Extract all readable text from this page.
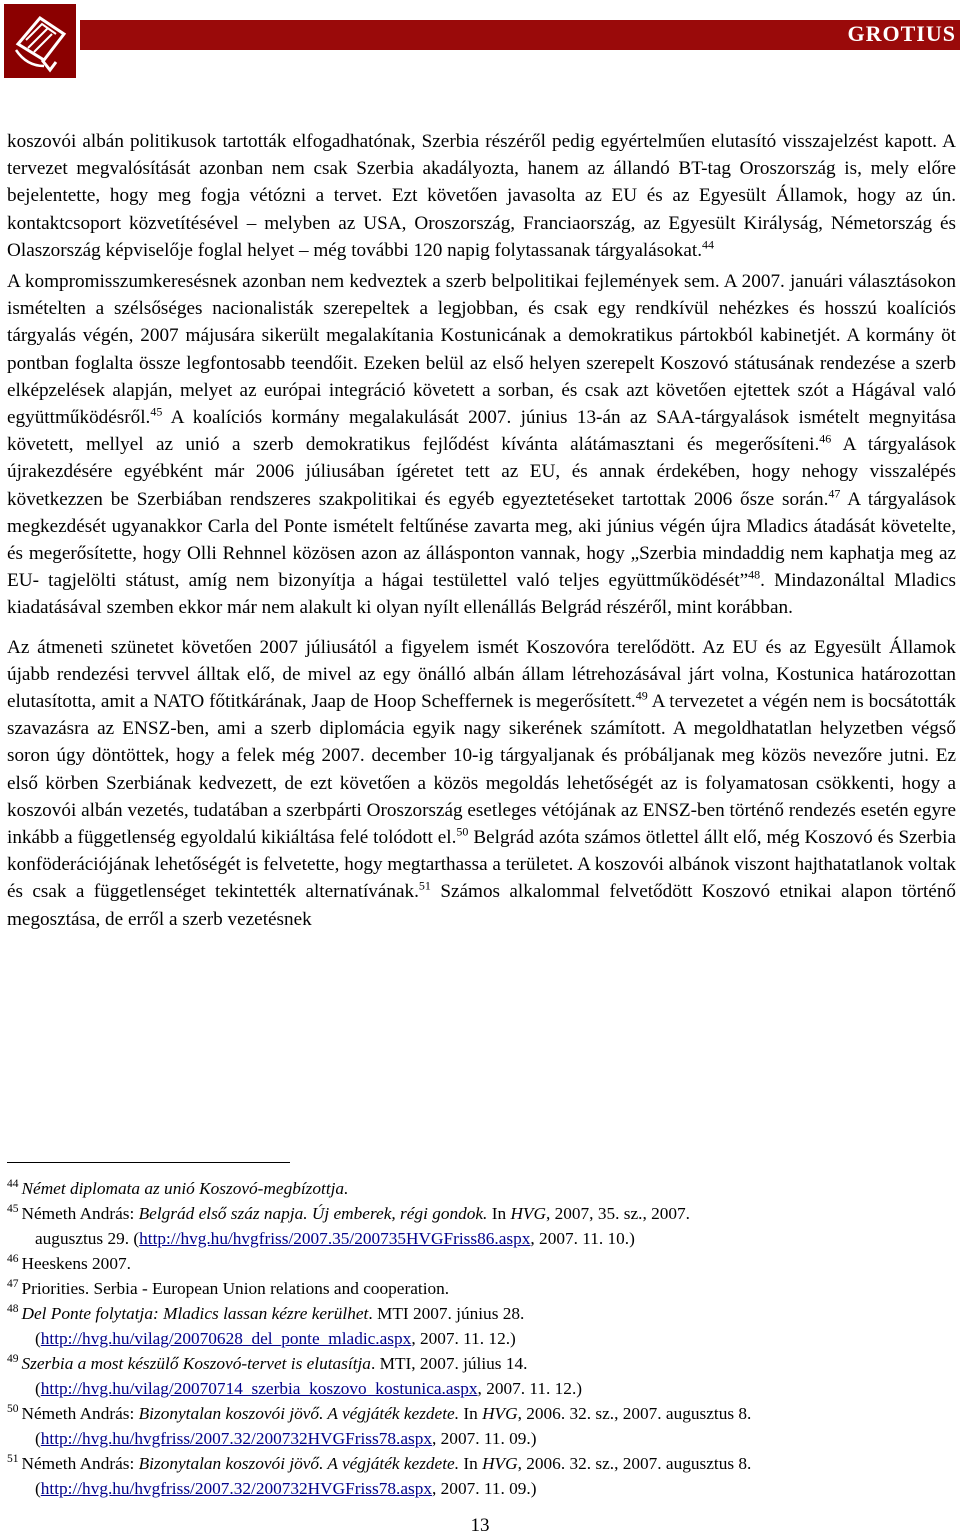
GROTIUS

koszovói albán politikusok tartották elfogadhatónak, Szerbia részéről pedig egyértelműen elutasító visszajelzést kapott. A tervezet megvalósítását azonban nem csak Szerbia akadályozta, hanem az állandó BT-tag Oroszország is, mely előre bejelentette, hogy meg fogja vétózni a tervet. Ezt követően javasolta az EU és az Egyesült Államok, hogy az ún. kontaktcsoport közvetítésével – melyben az USA, Oroszország, Franciaország, az Egyesült Királyság, Németország és Olaszország képviselője foglal helyet – még további 120 napig folytassanak tárgyalásokat.$^{44}$

A kompromisszumkeresésnek azonban nem kedveztek a szerb belpolitikai fejlemények sem. A 2007. januári választásokon ismételten a szélsőséges nacionalisták szerepeltek a legjobban, és csak egy rendkívül nehézkes és hosszú koalíciós tárgyalás végén, 2007 májusára sikerült megalakítania Kostunicának a demokratikus pártokból kabinetjét. A kormány öt pontban foglalta össze legfontosabb teendőit. Ezeken belül az első helyen szerepelt Koszovó státusának rendezése a szerb elképzelések alapján, melyet az európai integráció követett a sorban, és csak azt követően ejtettek szót a Hágával való együttműködésről.$^{45}$ A koalíciós kormány megalakulását 2007. június 13-án az SAA-tárgyalások ismételt megnyitása követett, mellyel az unió a szerb demokratikus fejlődést kívánta alátámasztani és megerősíteni.$^{46}$ A tárgyalások újrakezdésére egyébként már 2006 júliusában ígéretet tett az EU, és annak érdekében, hogy nehogy visszalépés következzen be Szerbiában rendszeres szakpolitikai és egyéb egyeztetéseket tartottak 2006 ősze során.$^{47}$ A tárgyalások megkezdését ugyanakkor Carla del Ponte ismételt feltűnése zavarta meg, aki június végén újra Mladics átadását követelte, és megerősítette, hogy Olli Rehnnel közösen azon az állásponton vannak, hogy „Szerbia mindaddig nem kaphatja meg az EU- tagjelölti státust, amíg nem bizonyítja a hágai testülettel való teljes együttműködését”$^{48}$. Mindazonáltal Mladics kiadatásával szemben ekkor már nem alakult ki olyan nyílt ellenállás Belgrád részéről, mint korábban.

Az átmeneti szünetet követően 2007 júliusától a figyelem ismét Koszovóra terelődött. Az EU és az Egyesült Államok újabb rendezési tervvel álltak elő, de mivel az egy önálló albán állam létrehozásával járt volna, Kostunica határozottan elutasította, amit a NATO főtitkárának, Jaap de Hoop Scheffernek is megerősített.$^{49}$ A tervezetet a végén nem is bocsátották szavazásra az ENSZ-ben, ami a szerb diplomácia egyik nagy sikerének számított. A megoldhatatlan helyzetben végső soron úgy döntöttek, hogy a felek még 2007. december 10-ig tárgyaljanak és próbáljanak meg közös nevezőre jutni. Ez első körben Szerbiának kedvezett, de ezt követően a közös megoldás lehetőségét az is folyamatosan csökkenti, hogy a koszovói albán vezetés, tudatában a szerbpárti Oroszország esetleges vétójának az ENSZ-ben történő rendezés esetén egyre inkább a függetlenség egyoldalú kikiáltása felé tolódott el.$^{50}$ Belgrád azóta számos ötlettel állt elő, még Koszovó és Szerbia konföderációjának lehetőségét is felvetette, hogy megtarthassa a területet. A koszovói albánok viszont hajthatatlanok voltak és csak a függetlenséget tekintették alternatívának.$^{51}$ Számos alkalommal felvetődött Koszovó etnikai alapon történő megosztása, de erről a szerb vezetésnek

$^{44}$ Német diplomata az unió Koszovó-megbízottja.
$^{45}$ Németh András: Belgrád első száz napja. Új emberek, régi gondok. In HVG, 2007, 35. sz., 2007.
augusztus 29. (http://hvg.hu/hvgfriss/2007.35/200735HVGFriss86.aspx, 2007. 11. 10.)
$^{46}$ Heeskens 2007.
$^{47}$ Priorities. Serbia - European Union relations and cooperation.
$^{48}$ Del Ponte folytatja: Mladics lassan kézre kerülhet. MTI 2007. június 28.
(http://hvg.hu/vilag/20070628_del_ponte_mladic.aspx, 2007. 11. 12.)
$^{49}$ Szerbia a most készülő Koszovó-tervet is elutasítja. MTI, 2007. július 14.
(http://hvg.hu/vilag/20070714_szerbia_koszovo_kostunica.aspx, 2007. 11. 12.)
$^{50}$ Németh András: Bizonytalan koszovói jövő. A végjáték kezdete. In HVG, 2006. 32. sz., 2007. augusztus 8.
(http://hvg.hu/hvgfriss/2007.32/200732HVGFriss78.aspx, 2007. 11. 09.)
$^{51}$ Németh András: Bizonytalan koszovói jövő. A végjáték kezdete. In HVG, 2006. 32. sz., 2007. augusztus 8.
(http://hvg.hu/hvgfriss/2007.32/200732HVGFriss78.aspx, 2007. 11. 09.)
13
